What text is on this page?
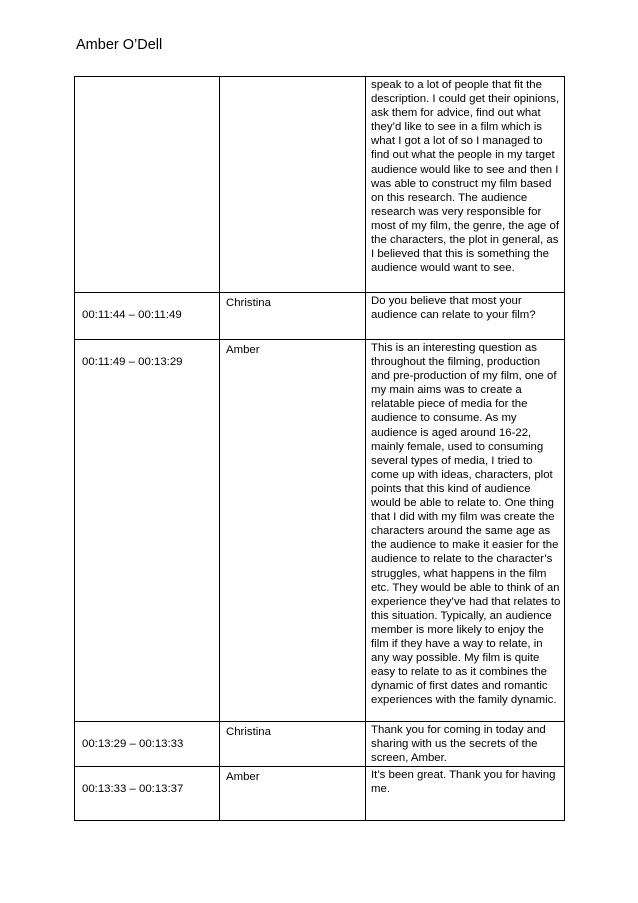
Amber O’Dell

		speak to a lot of people that fit the description. I could get their opinions, ask them for advice, find out what they’d like to see in a film which is what I got a lot of so I managed to find out what the people in my target audience would like to see and then I was able to construct my film based on this research. The audience research was very responsible for most of my film, the genre, the age of the characters, the plot in general, as I believed that this is something the audience would want to see.

00:11:44 – 00:11:49	Christina	Do you believe that most your audience can relate to your film?

00:11:49 – 00:13:29	Amber	This is an interesting question as throughout the filming, production and pre-production of my film, one of my main aims was to create a relatable piece of media for the audience to consume. As my audience is aged around 16-22, mainly female, used to consuming several types of media, I tried to come up with ideas, characters, plot points that this kind of audience would be able to relate to. One thing that I did with my film was create the characters around the same age as the audience to make it easier for the audience to relate to the character’s struggles, what happens in the film etc. They would be able to think of an experience they’ve had that relates to this situation. Typically, an audience member is more likely to enjoy the film if they have a way to relate, in any way possible. My film is quite easy to relate to as it combines the dynamic of first dates and romantic experiences with the family dynamic.

00:13:29 – 00:13:33	Christina	Thank you for coming in today and sharing with us the secrets of the screen, Amber.

00:13:33 – 00:13:37	Amber	It’s been great. Thank you for having me.
